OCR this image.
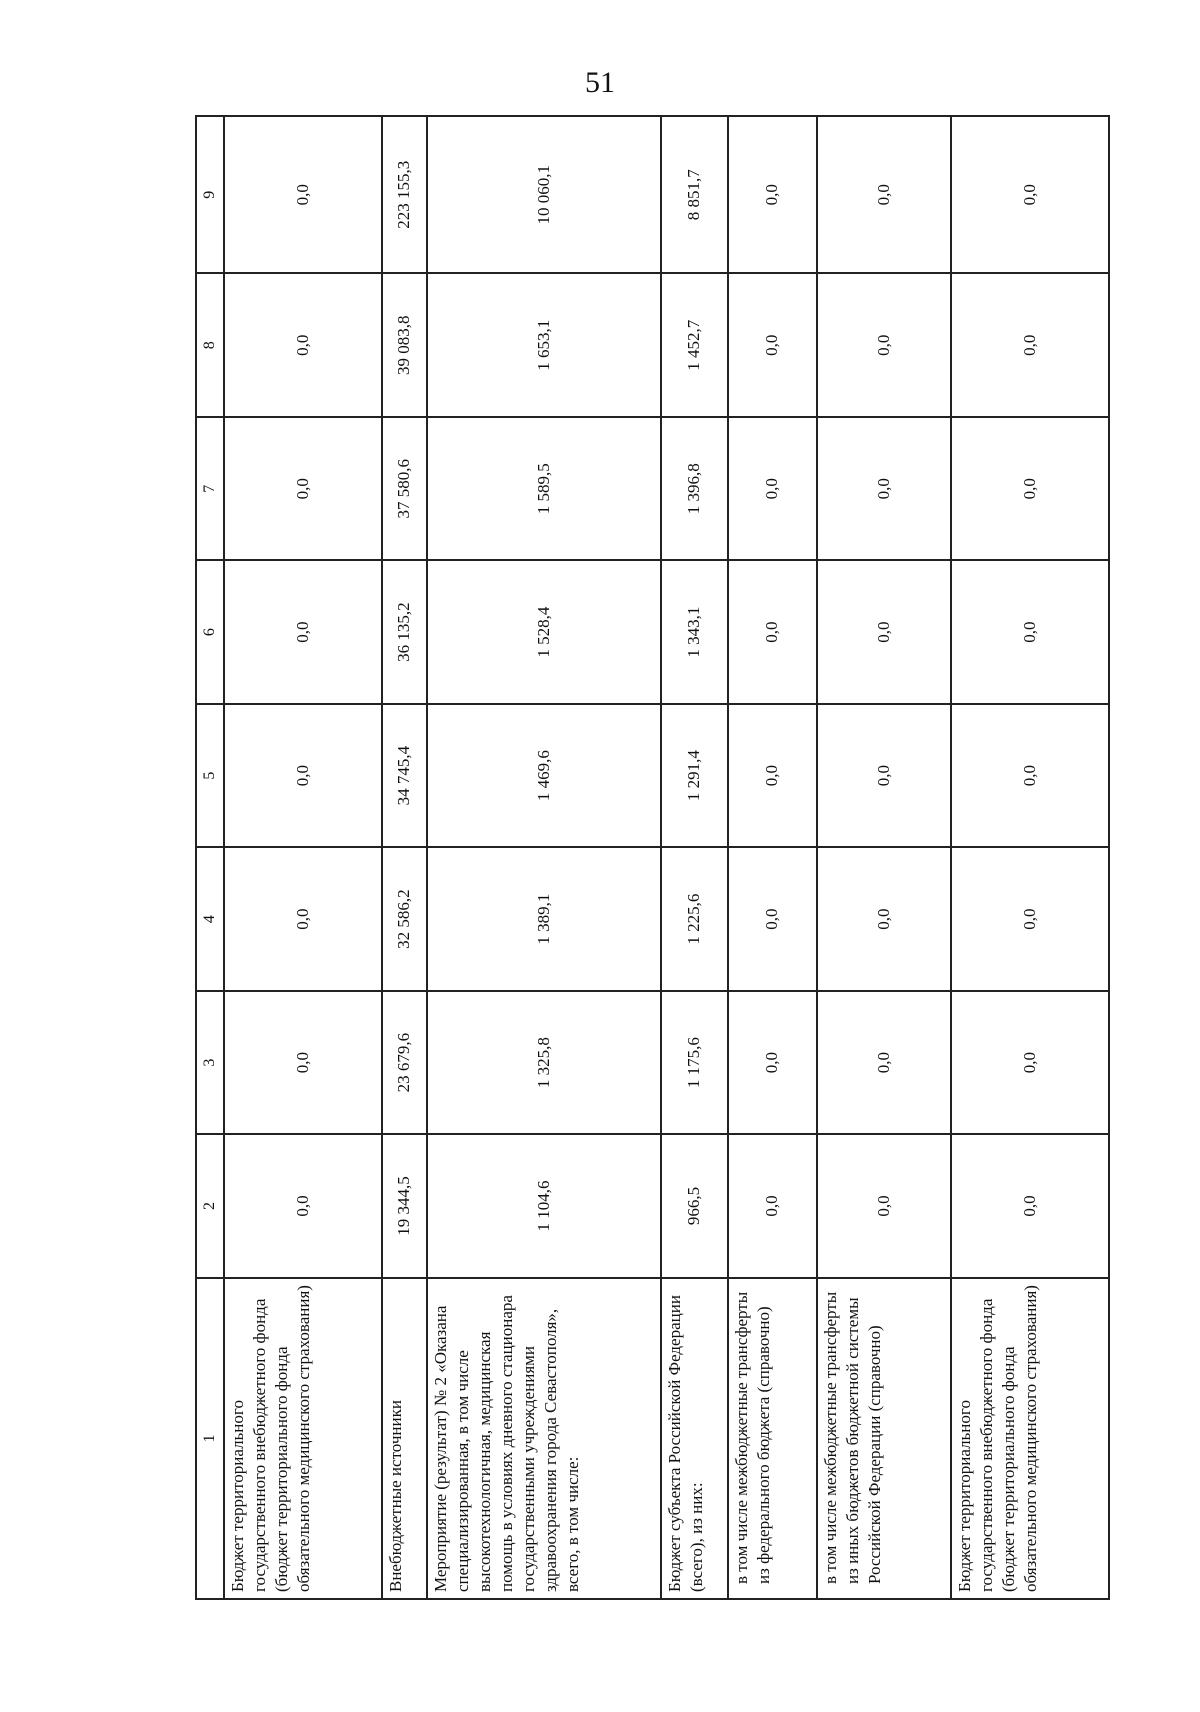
51
1	2	3	4	5	6	7	8	9
Бюджет территориального государственного внебюджетного фонда (бюджет территориального фонда обязательного медицинского страхования)	0,0	0,0	0,0	0,0	0,0	0,0	0,0	0,0
Внебюджетные источники	19 344,5	23 679,6	32 586,2	34 745,4	36 135,2	37 580,6	39 083,8	223 155,3
Мероприятие (результат) № 2 «Оказана специализированная, в том числе высокотехнологичная, медицинская помощь в условиях дневного стационара государственными учреждениями здравоохранения города Севастополя», всего, в том числе:	1 104,6	1 325,8	1 389,1	1 469,6	1 528,4	1 589,5	1 653,1	10 060,1
Бюджет субъекта Российской Федерации (всего), из них:	966,5	1 175,6	1 225,6	1 291,4	1 343,1	1 396,8	1 452,7	8 851,7
в том числе межбюджетные трансферты из федерального бюджета (справочно)	0,0	0,0	0,0	0,0	0,0	0,0	0,0	0,0
в том числе межбюджетные трансферты из иных бюджетов бюджетной системы Российской Федерации (справочно)	0,0	0,0	0,0	0,0	0,0	0,0	0,0	0,0
Бюджет территориального государственного внебюджетного фонда (бюджет территориального фонда обязательного медицинского страхования)	0,0	0,0	0,0	0,0	0,0	0,0	0,0	0,0
